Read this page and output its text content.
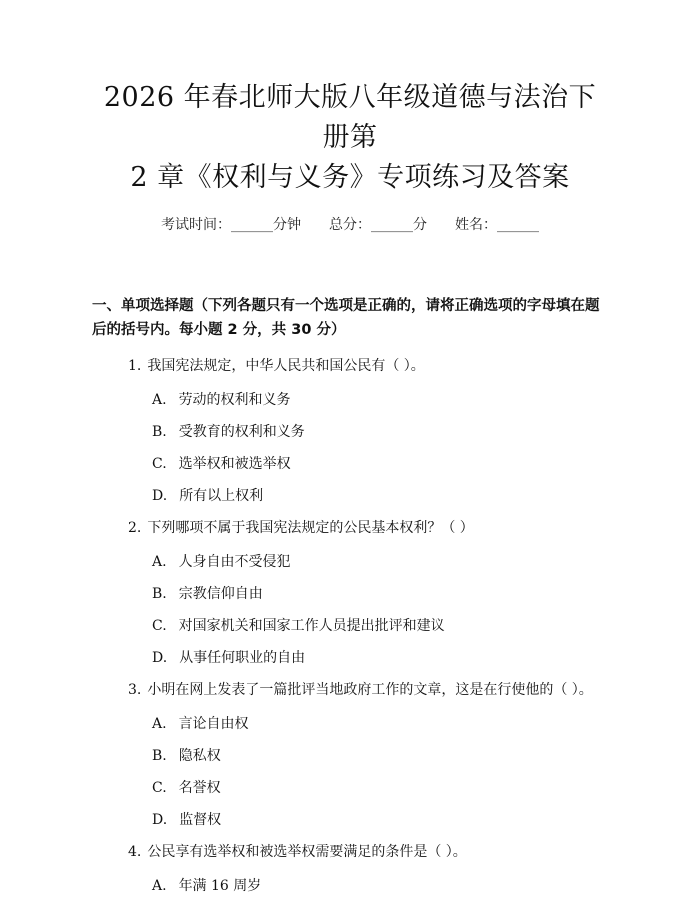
2026 年春北师大版八年级道德与法治下册第
2 章《权利与义务》专项练习及答案
考试时间：______分钟 总分：______分 姓名：______
一、单项选择题（下列各题只有一个选项是正确的，请将正确选项的字母填在题后的括号内。每小题 2 分，共 30 分）
1. 我国宪法规定，中华人民共和国公民有（ ）。
A. 劳动的权利和义务
B. 受教育的权利和义务
C. 选举权和被选举权
D. 所有以上权利
2. 下列哪项不属于我国宪法规定的公民基本权利？（ ）
A. 人身自由不受侵犯
B. 宗教信仰自由
C. 对国家机关和国家工作人员提出批评和建议
D. 从事任何职业的自由
3. 小明在网上发表了一篇批评当地政府工作的文章，这是在行使他的（ ）。
A. 言论自由权
B. 隐私权
C. 名誉权
D. 监督权
4. 公民享有选举权和被选举权需要满足的条件是（ ）。
A. 年满 16 周岁
